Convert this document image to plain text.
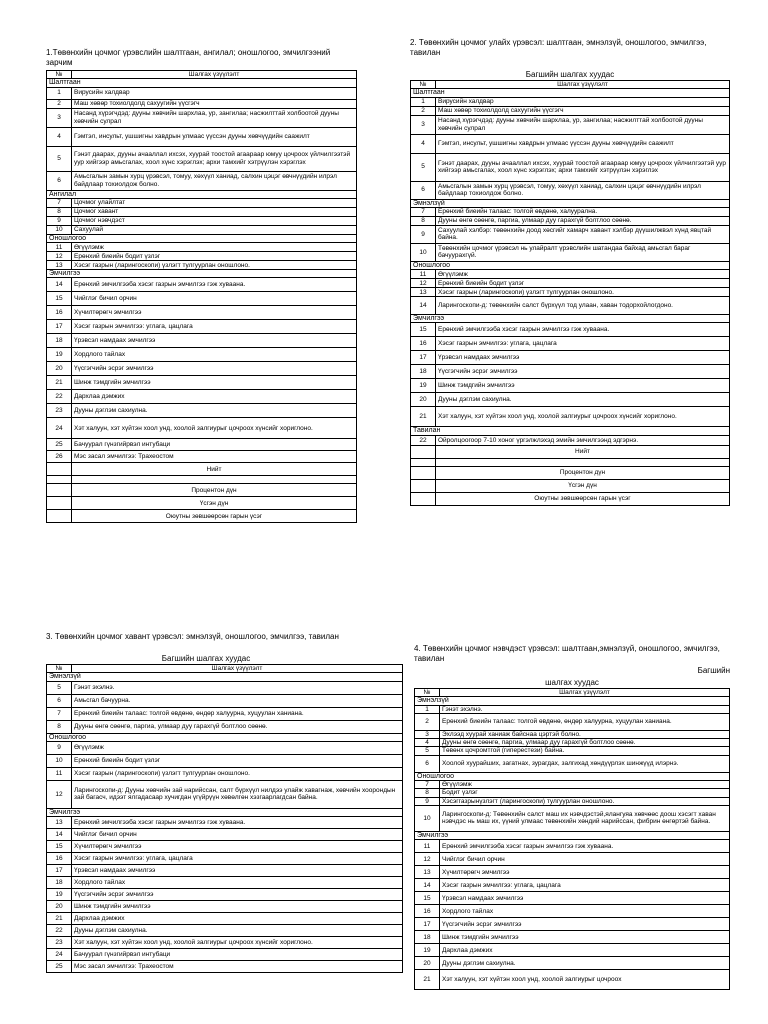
1.Төвөнхийн цочмог үрэвслийн шалтгаан, ангилал; оношлогоо, эмчилгээний зарчим
№	Шалгах үзүүлэлт
Шалтгаан	
1	Вирусийн халдвар
2	Маш хөвөр тохиолдолд сахуугийн үүсгэгч
3	Насанд хүрэгчдэд: дууны хөвчийн шархлаа, ур, зангилаа; насжилттай холбоотой дууны хөвчийн сулрал
4	Гэмтэл, инсульт, ушшигны хавдрын улмаас үүссэн дууны хөвчүүдийн саажилт
5	Гэнэт даарах, дууны ачааллал ихсэх, хуурай тоостой агаараар юмуу цочроох үйлчилгээтэй уур хийгээр амьсгалах, хоол хүнс хэрэглэх; архи тамхийг хэтрүүлэн хэрэглэх
6	Амьсгалын замын хурц үрэвсэл, томуу, хөхүүл ханиад, салхин цэцэг өвчнүүдийн илрэл байдлаар тохиолдож болно.
Ангилал	
7	Цочмог улайлтат
8	Цочмог хавант
9	Цочмог нэвчдэст
10	Сахуулай
Оношлогоо	
11	Өгүүлэмж
12	Ерөнхий биеийн бодит үзлэг
13	Хэсэг газрын (ларингоскопи) үзлэгт тулгуурлан оношлоно.
Эмчилгээ	
14	Ерөнхий эмчилгээба хэсэг газрын эмчилгээ гэж хуваана.
15	Чийглэг бичил орчин
16	Хүчилтөрөгч эмчилгээ
17	Хэсэг газрын эмчилгээ: углага, цацлага
18	Үрэвсэл намдаах эмчилгээ
19	Хордлого тайлах
20	Үүсгэгчийн эсрэг эмчилгээ
21	Шинж тэмдгийн эмчилгээ
22	Дархлаа дэмжих
23	Дууны дэглэм сахиулна.
24	Хэт халуун, хэт хүйтэн хоол унд, хоолой залгиурыг цочроох хүнсийг хориглоно.
25	Бачуурал гүнзгийрвэл интубаци
26	Мэс засал эмчилгээ: Трахеостом
	Нийт

	Процентон дүн
	Үсгэн дүн
	Оюутны зөвшөөрсөн гарын үсэг
2. Төвөнхийн цочмог улайх үрэвсэл: шалтгаан, эмнэлзүй, оношлогоо, эмчилгээ, тавилан
Багшийн шалгах хуудас
№	Шалгах үзүүлэлт
Шалтгаан	
1	Вирусийн халдвар
2	Маш хөвөр тохиолдолд сахуугийн үүсгэгч
3	Насанд хүрэгчдэд: дууны хөвчийн шархлаа, ур, зангилаа; насжилттай холбоотой дууны хөвчийн сулрал
4	Гэмтэл, инсульт, ушшигны хавдрын улмаас үүссэн дууны хөвчүүдийн саажилт
5	Гэнэт даарах, дууны ачааллал ихсэх, хуурай тоостой агаараар юмуу цочроох үйлчилгээтэй уур хийгээр амьсгалах, хоол хүнс хэрэглэх; архи тамхийг хэтрүүлэн хэрэглэх
6	Амьсгалын замын хурц үрэвсэл, томуу, хөхүүл ханиад, салхин цэцэг өвчнүүдийн илрэл байдлаар тохиолдож болно.
Эмнэлзүй	
7	Ерөнхий биеийн талаас: толгой өвдөнө, халуурална.
8	Дууны өнгө сөөнгө, паргиа, улмаар дуу гарахгүй болтлоо сөөнө.
9	Сахуулай хэлбэр: төвөнхийн доод хөсгийг хамарч хавант хэлбэр дүүшилжвэл хүнд явцтай байна.
10	Төвөнхийн цочмог үрэвсэл нь улайралт үрэвслийн шатандаа байхад амьсгал бараг бачуурахгүй.
Оношлогоо	
11	Өгүүлэмж
12	Ерөнхий биеийн бодит үзлэг
13	Хэсэг газрын (ларингоскопи) үзлэгт тулгуурлан оношлоно.
14	Ларингоскопи-д: төвөнхийн салст бүрхүүл тод улаан, хаван тодорхойлогдоно.
Эмчилгээ	
15	Ерөнхий эмчилгээба хэсэг газрын эмчилгээ гэж хуваана.
16	Хэсэг газрын эмчилгээ: углага, цацлага
17	Үрэвсэл намдаах эмчилгээ
18	Үүсгэгчийн эсрэг эмчилгээ
19	Шинж тэмдгийн эмчилгээ
20	Дууны дэглэм сахиулна.
21	Хэт халуун, хэт хүйтэн хоол унд, хоолой залгиурыг цочроох хүнсийг хориглоно.
Тавилан	
22	Ойролцоогоор 7-10 хоног үргэлжлэхэд эмийн эмчилгээнд эдгэрнэ.
	Нийт

	Процентон дүн
	Үсгэн дүн
	Оюутны зөвшөөрсөн гарын үсэг
3. Төвөнхийн цочмог хавант үрэвсэл: эмнэлзүй, оношлогоо, эмчилгээ, тавилан
Багшийн шалгах хуудас
№	Шалгах үзүүлэлт
Эмнэлзүй	
5	Гэнэт эхэлнэ.
6	Амьсгал бачуурна.
7	Ерөнхий биеийн талаас: толгой өвдөнө, өндөр халуурна, хуцуулан ханиана.
8	Дууны өнгө сөөнгө, паргиа, улмаар дуу гарахгүй болтлоо сөөнө.
Оношлогоо	
9	Өгүүлэмж
10	Ерөнхий биеийн бодит үзлэг
11	Хэсэг газрын (ларингоскопи) үзлэгт тулгуурлан оношлоно.
12	Ларингоскопи-д: Дууны хөвчийн зай нарийссан, салт бүрхүүл нилдээ улайж хавагнаж, хөвчийн хоорондын зай багасч, идээт ялгадасаар хучигдан үгүйрүүн хөвөлгөн хэзгаарлагдсан байна.
Эмчилгээ	
13	Ерөнхий эмчилгээба хэсэг газрын эмчилгээ гэж хуваана.
14	Чийглэг бичил орчин
15	Хүчилтөрөгч эмчилгээ
16	Хэсэг газрын эмчилгээ: углага, цацлага
17	Үрэвсэл намдаах эмчилгээ
18	Хордлого тайлах
19	Үүсгэгчийн эсрэг эмчилгээ
20	Шинж тэмдгийн эмчилгээ
21	Дархлаа дэмжих
22	Дууны дэглэм сахиулна.
23	Хэт халуун, хэт хүйтэн хоол унд, хоолой залгиурыг цочроох хүнсийг хориглоно.
24	Бачуурал гүнзгийрвэл интубаци
25	Мэс засал эмчилгээ: Трахеостом
4. Төвөнхийн цочмог нэвчдэст үрэвсэл: шалтгаан,эмнэлзүй, оношлогоо, эмчилгээ, тавилан
Багшийн
шалгах хуудас
№	Шалгах үзүүлэлт
Эмнэлзүй	
1	Гэнэт эхэлнэ.
2	Ерөнхий биеийн талаас: толгой өвдөнө, өндөр халуурна, хуцуулан ханиана.
3	Эхлээд хуурай ханиаж байснаа цэртэй болно.
4	Дууны өнгө сөөнгө, паргиа, улмаар дуу гарахгүй болтлоо сөөнө.
5	Төвөнх цочромтгой (гиперестези) байна.
6	Хоолой хуурайших, загатнах, зурагдах, залгихад хөндүүрлэх шинжүүд илэрнэ.
Оношлогоо	
7	Өгүүлэмж
8	Бодит үзлэг
9	Хэсэггазрынүзлэгт (ларингоскопи) тулгуурлан оношлоно.
10	Ларингоскопи-д: Төвөнхийн салст маш их нэвчдэстэй,ялангуяа хөвчөөс доош хэсэгт хаван нэвчдэс нь маш их, үүний улмаас төвөнхийн хөндий нарийссан, фибрин өнгөртэй байна.
Эмчилгээ	
11	Ерөнхий эмчилгээба хэсэг газрын эмчилгээ гэж хуваана.
12	Чийглэг бичил орчин
13	Хүчилтөрөгч эмчилгээ
14	Хэсэг газрын эмчилгээ: углага, цацлага
15	Үрэвсэл намдаах эмчилгээ
16	Хордлого тайлах
17	Үүсгэгчийн эсрэг эмчилгээ
18	Шинж тэмдгийн эмчилгээ
19	Дархлаа дэмжих
20	Дууны дэглэм сахиулна.
21	Хэт халуун, хэт хүйтэн хоол унд, хоолой залгиурыг цочроох
